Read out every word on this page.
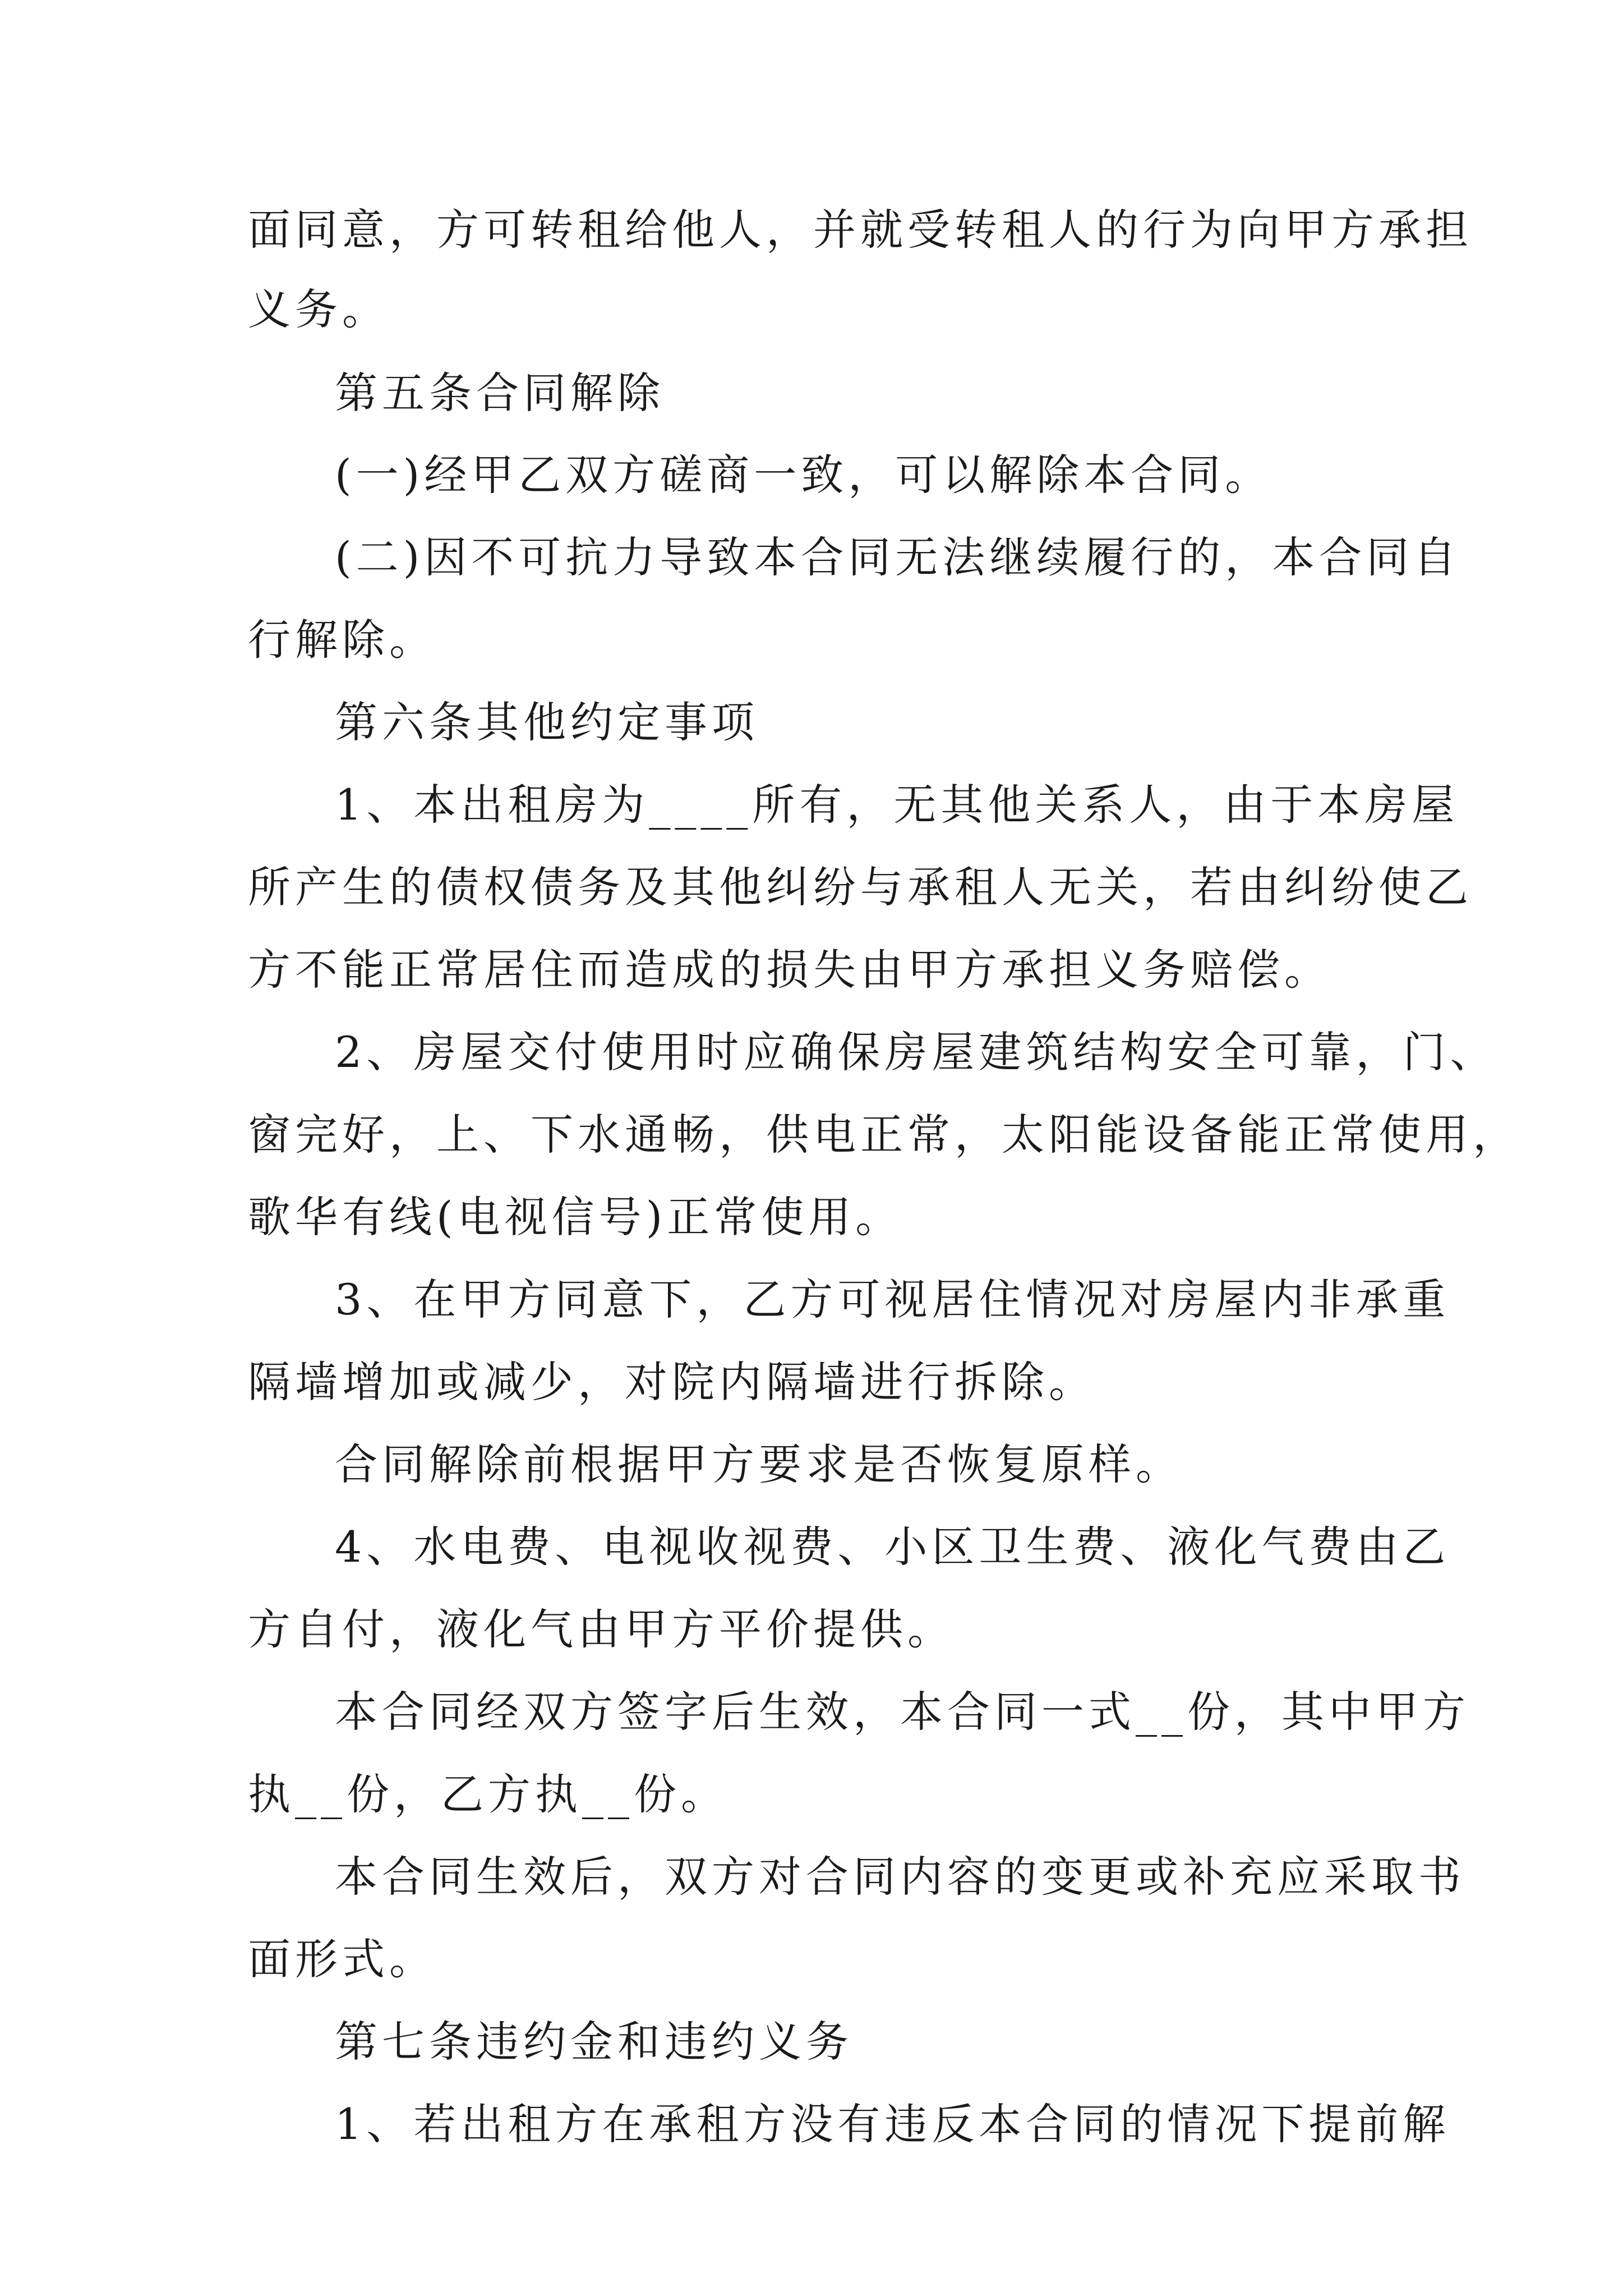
面同意，方可转租给他人，并就受转租人的行为向甲方承担
义务。
第五条合同解除
(一)经甲乙双方磋商一致，可以解除本合同。
(二)因不可抗力导致本合同无法继续履行的，本合同自
行解除。
第六条其他约定事项
1、本出租房为____所有，无其他关系人，由于本房屋
所产生的债权债务及其他纠纷与承租人无关，若由纠纷使乙
方不能正常居住而造成的损失由甲方承担义务赔偿。
2、房屋交付使用时应确保房屋建筑结构安全可靠，门、
窗完好，上、下水通畅，供电正常，太阳能设备能正常使用，
歌华有线(电视信号)正常使用。
3、在甲方同意下，乙方可视居住情况对房屋内非承重
隔墙增加或减少，对院内隔墙进行拆除。
合同解除前根据甲方要求是否恢复原样。
4、水电费、电视收视费、小区卫生费、液化气费由乙
方自付，液化气由甲方平价提供。
本合同经双方签字后生效，本合同一式__份，其中甲方
执__份，乙方执__份。
本合同生效后，双方对合同内容的变更或补充应采取书
面形式。
第七条违约金和违约义务
1、若出租方在承租方没有违反本合同的情况下提前解
